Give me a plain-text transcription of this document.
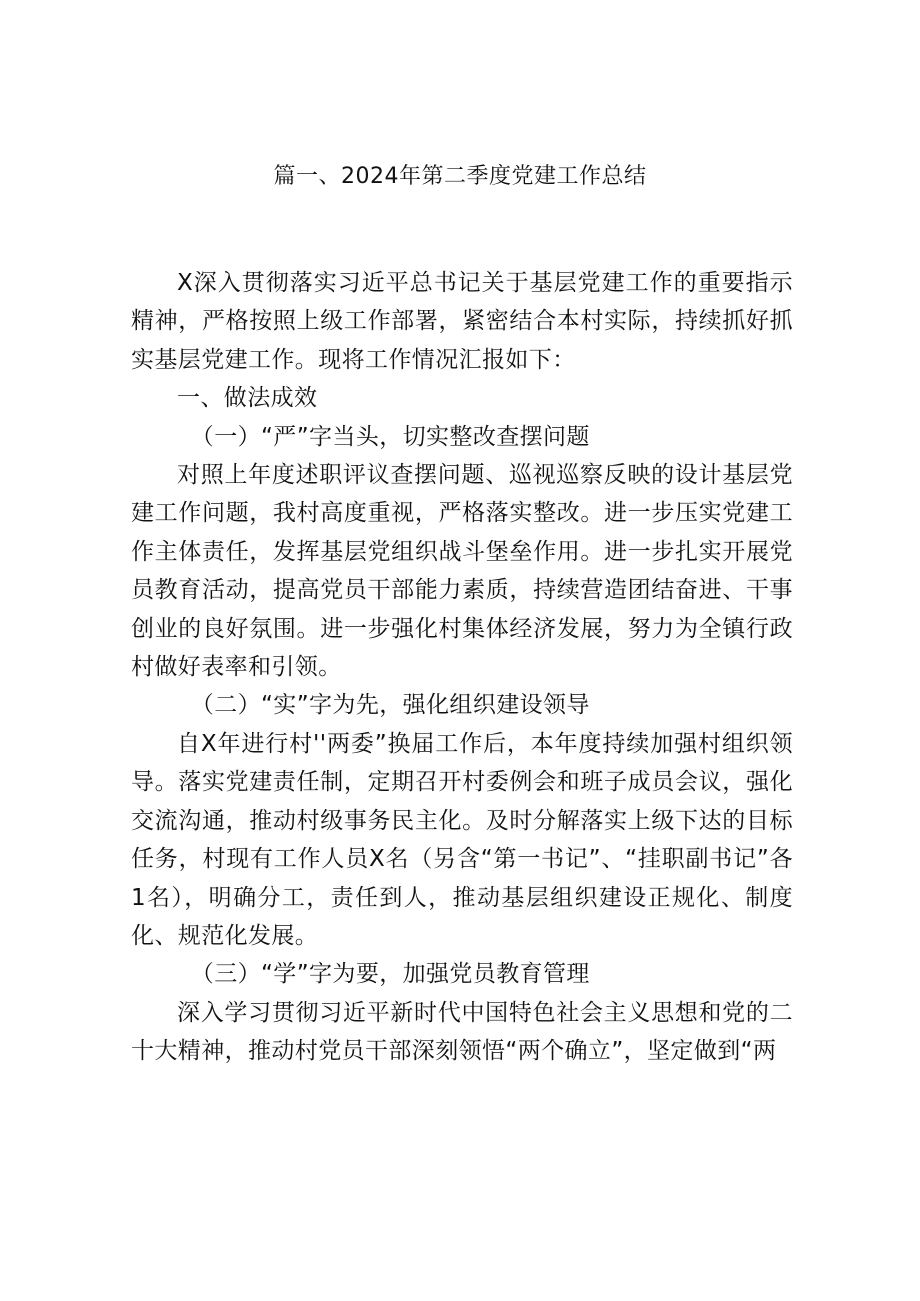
篇一、2024年第二季度党建工作总结

X深入贯彻落实习近平总书记关于基层党建工作的重要指示精神，严格按照上级工作部署，紧密结合本村实际，持续抓好抓实基层党建工作。现将工作情况汇报如下：

一、做法成效

（一）“严”字当头，切实整改查摆问题

对照上年度述职评议查摆问题、巡视巡察反映的设计基层党建工作问题，我村高度重视，严格落实整改。进一步压实党建工作主体责任，发挥基层党组织战斗堡垒作用。进一步扎实开展党员教育活动，提高党员干部能力素质，持续营造团结奋进、干事创业的良好氛围。进一步强化村集体经济发展，努力为全镇行政村做好表率和引领。

（二）“实”字为先，强化组织建设领导

自X年进行村''两委”换届工作后，本年度持续加强村组织领导。落实党建责任制，定期召开村委例会和班子成员会议，强化交流沟通，推动村级事务民主化。及时分解落实上级下达的目标任务，村现有工作人员X名（另含“第一书记”、“挂职副书记”各1名），明确分工，责任到人，推动基层组织建设正规化、制度化、规范化发展。

（三）“学”字为要，加强党员教育管理

深入学习贯彻习近平新时代中国特色社会主义思想和党的二十大精神，推动村党员干部深刻领悟“两个确立”，坚定做到“两
